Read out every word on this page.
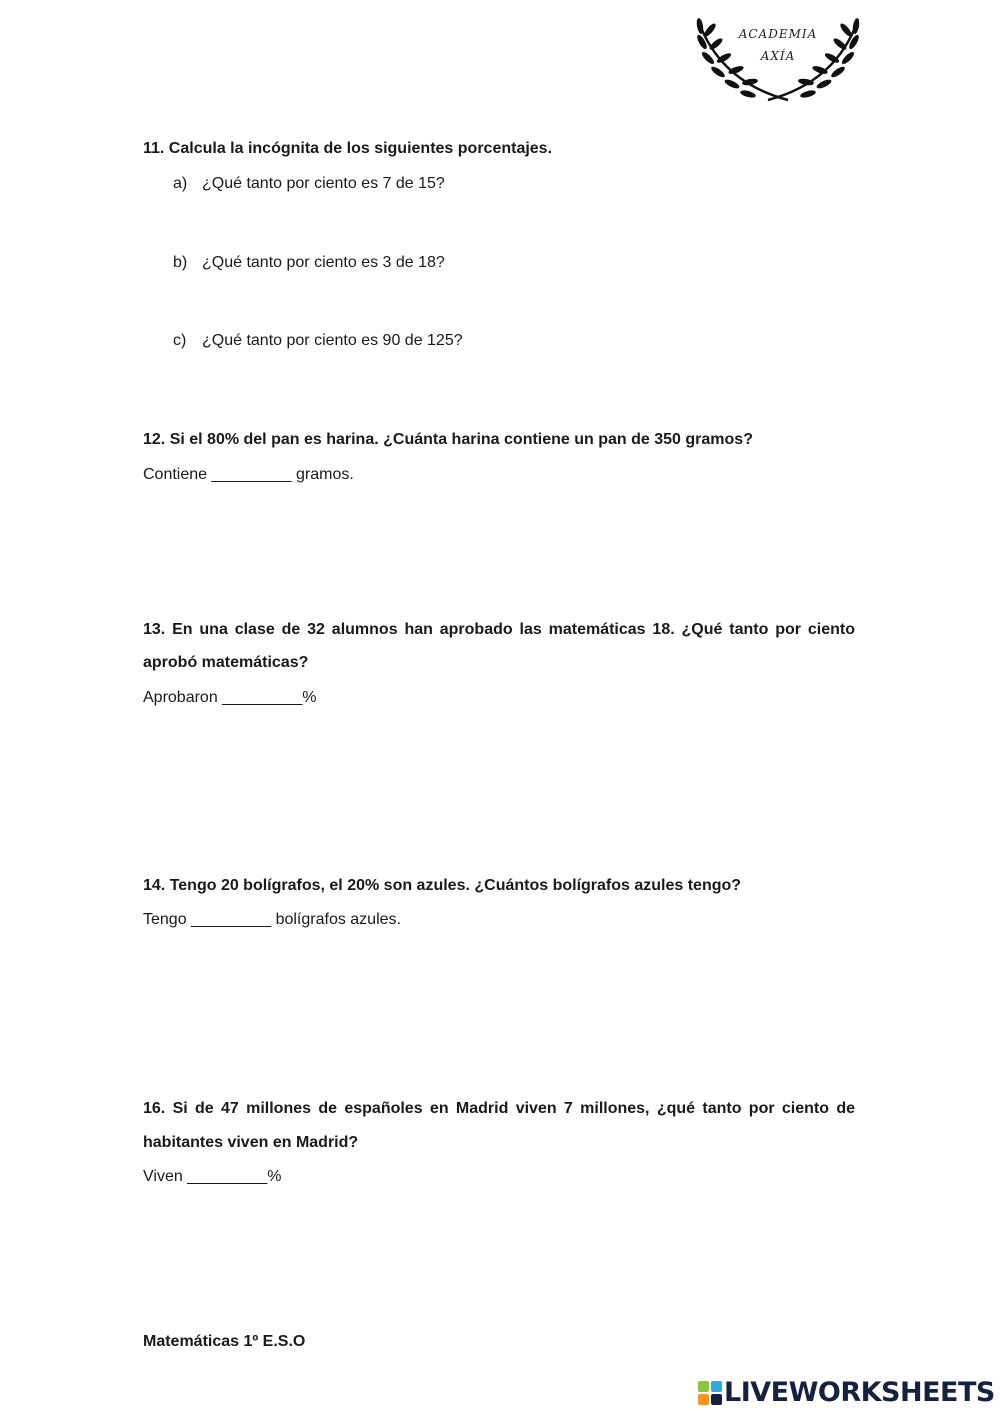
ACADEMIA
AXÍA
11. Calcula la incógnita de los siguientes porcentajes.
a) ¿Qué tanto por ciento es 7 de 15?
b) ¿Qué tanto por ciento es 3 de 18?
c) ¿Qué tanto por ciento es 90 de 125?
12. Si el 80% del pan es harina. ¿Cuánta harina contiene un pan de 350 gramos?
Contiene _________ gramos.
13. En una clase de 32 alumnos han aprobado las matemáticas 18. ¿Qué tanto por ciento
aprobó matemáticas?
Aprobaron _________%
14. Tengo 20 bolígrafos, el 20% son azules. ¿Cuántos bolígrafos azules tengo?
Tengo _________ bolígrafos azules.
16. Si de 47 millones de españoles en Madrid viven 7 millones, ¿qué tanto por ciento de
habitantes viven en Madrid?
Viven _________%
Matemáticas 1º E.S.O
LIVEWORKSHEETS
